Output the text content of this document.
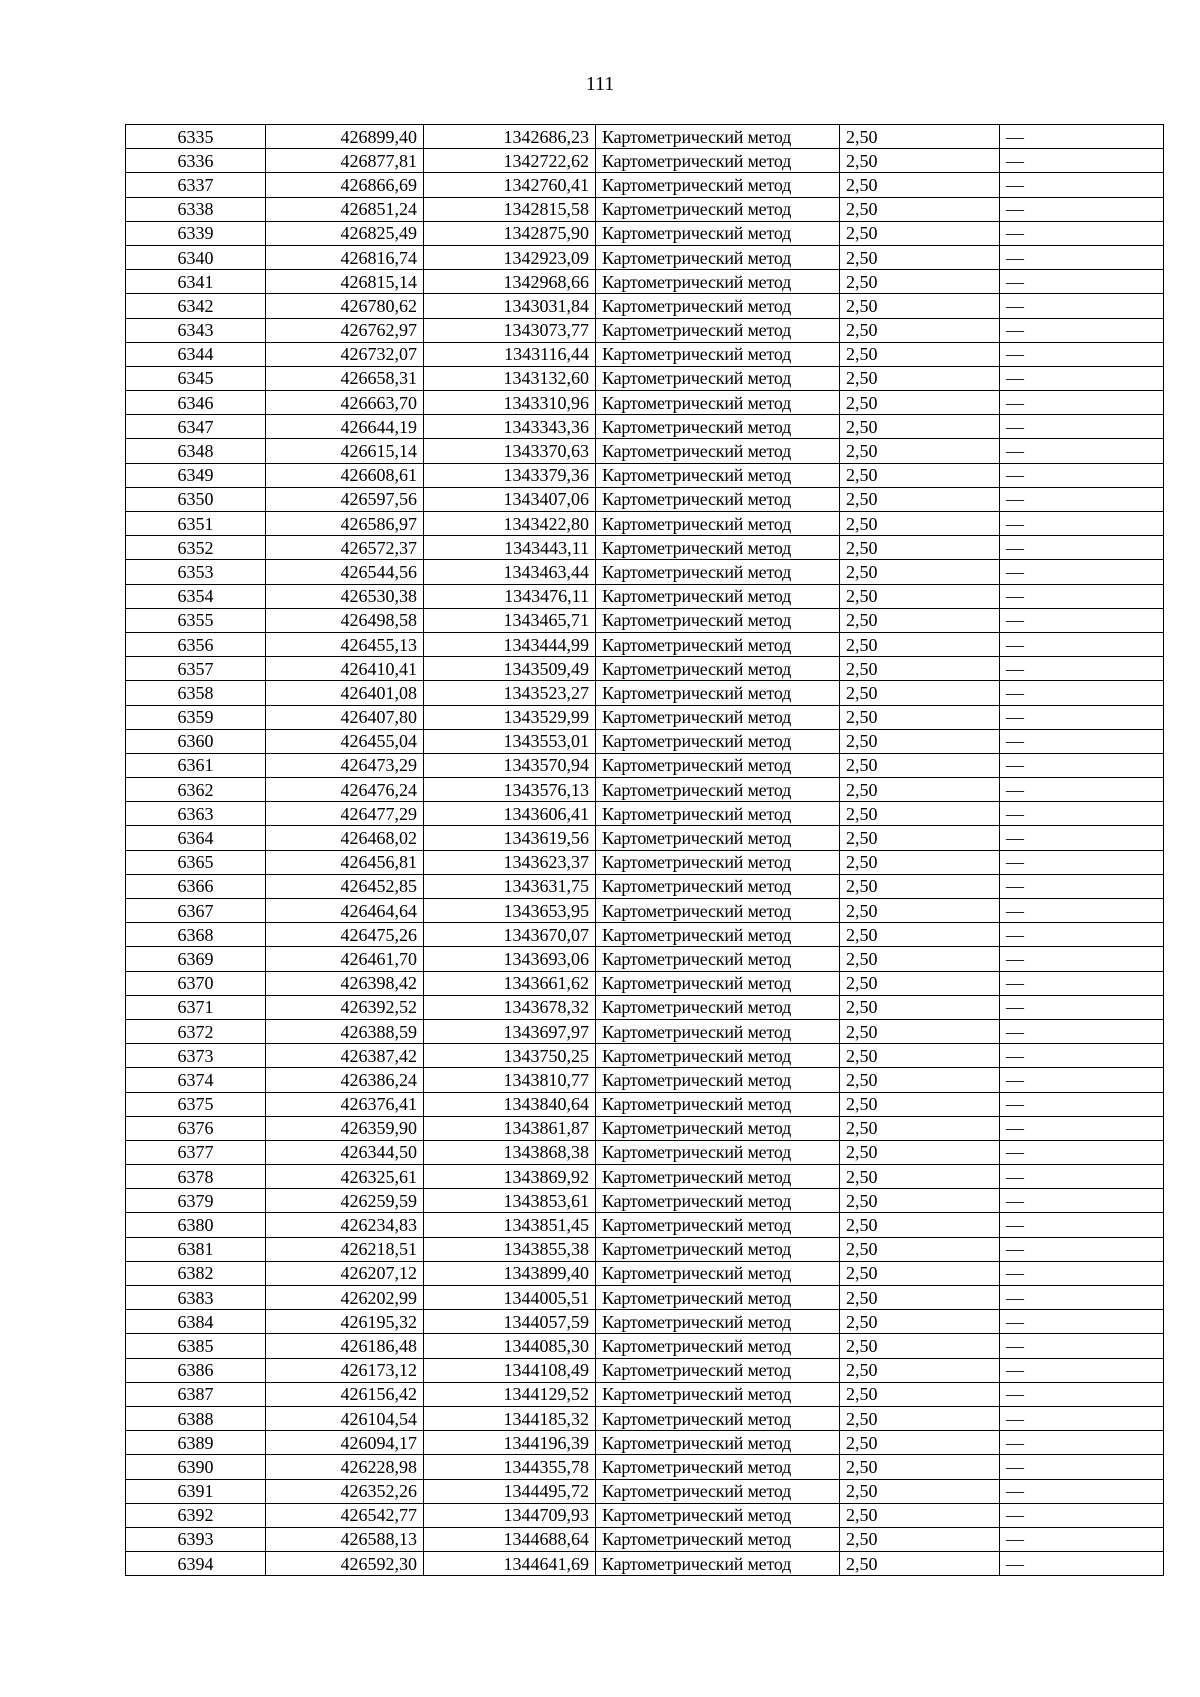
111
6335	426899,40	1342686,23	Картометрический метод	2,50	—
6336	426877,81	1342722,62	Картометрический метод	2,50	—
6337	426866,69	1342760,41	Картометрический метод	2,50	—
6338	426851,24	1342815,58	Картометрический метод	2,50	—
6339	426825,49	1342875,90	Картометрический метод	2,50	—
6340	426816,74	1342923,09	Картометрический метод	2,50	—
6341	426815,14	1342968,66	Картометрический метод	2,50	—
6342	426780,62	1343031,84	Картометрический метод	2,50	—
6343	426762,97	1343073,77	Картометрический метод	2,50	—
6344	426732,07	1343116,44	Картометрический метод	2,50	—
6345	426658,31	1343132,60	Картометрический метод	2,50	—
6346	426663,70	1343310,96	Картометрический метод	2,50	—
6347	426644,19	1343343,36	Картометрический метод	2,50	—
6348	426615,14	1343370,63	Картометрический метод	2,50	—
6349	426608,61	1343379,36	Картометрический метод	2,50	—
6350	426597,56	1343407,06	Картометрический метод	2,50	—
6351	426586,97	1343422,80	Картометрический метод	2,50	—
6352	426572,37	1343443,11	Картометрический метод	2,50	—
6353	426544,56	1343463,44	Картометрический метод	2,50	—
6354	426530,38	1343476,11	Картометрический метод	2,50	—
6355	426498,58	1343465,71	Картометрический метод	2,50	—
6356	426455,13	1343444,99	Картометрический метод	2,50	—
6357	426410,41	1343509,49	Картометрический метод	2,50	—
6358	426401,08	1343523,27	Картометрический метод	2,50	—
6359	426407,80	1343529,99	Картометрический метод	2,50	—
6360	426455,04	1343553,01	Картометрический метод	2,50	—
6361	426473,29	1343570,94	Картометрический метод	2,50	—
6362	426476,24	1343576,13	Картометрический метод	2,50	—
6363	426477,29	1343606,41	Картометрический метод	2,50	—
6364	426468,02	1343619,56	Картометрический метод	2,50	—
6365	426456,81	1343623,37	Картометрический метод	2,50	—
6366	426452,85	1343631,75	Картометрический метод	2,50	—
6367	426464,64	1343653,95	Картометрический метод	2,50	—
6368	426475,26	1343670,07	Картометрический метод	2,50	—
6369	426461,70	1343693,06	Картометрический метод	2,50	—
6370	426398,42	1343661,62	Картометрический метод	2,50	—
6371	426392,52	1343678,32	Картометрический метод	2,50	—
6372	426388,59	1343697,97	Картометрический метод	2,50	—
6373	426387,42	1343750,25	Картометрический метод	2,50	—
6374	426386,24	1343810,77	Картометрический метод	2,50	—
6375	426376,41	1343840,64	Картометрический метод	2,50	—
6376	426359,90	1343861,87	Картометрический метод	2,50	—
6377	426344,50	1343868,38	Картометрический метод	2,50	—
6378	426325,61	1343869,92	Картометрический метод	2,50	—
6379	426259,59	1343853,61	Картометрический метод	2,50	—
6380	426234,83	1343851,45	Картометрический метод	2,50	—
6381	426218,51	1343855,38	Картометрический метод	2,50	—
6382	426207,12	1343899,40	Картометрический метод	2,50	—
6383	426202,99	1344005,51	Картометрический метод	2,50	—
6384	426195,32	1344057,59	Картометрический метод	2,50	—
6385	426186,48	1344085,30	Картометрический метод	2,50	—
6386	426173,12	1344108,49	Картометрический метод	2,50	—
6387	426156,42	1344129,52	Картометрический метод	2,50	—
6388	426104,54	1344185,32	Картометрический метод	2,50	—
6389	426094,17	1344196,39	Картометрический метод	2,50	—
6390	426228,98	1344355,78	Картометрический метод	2,50	—
6391	426352,26	1344495,72	Картометрический метод	2,50	—
6392	426542,77	1344709,93	Картометрический метод	2,50	—
6393	426588,13	1344688,64	Картометрический метод	2,50	—
6394	426592,30	1344641,69	Картометрический метод	2,50	—
